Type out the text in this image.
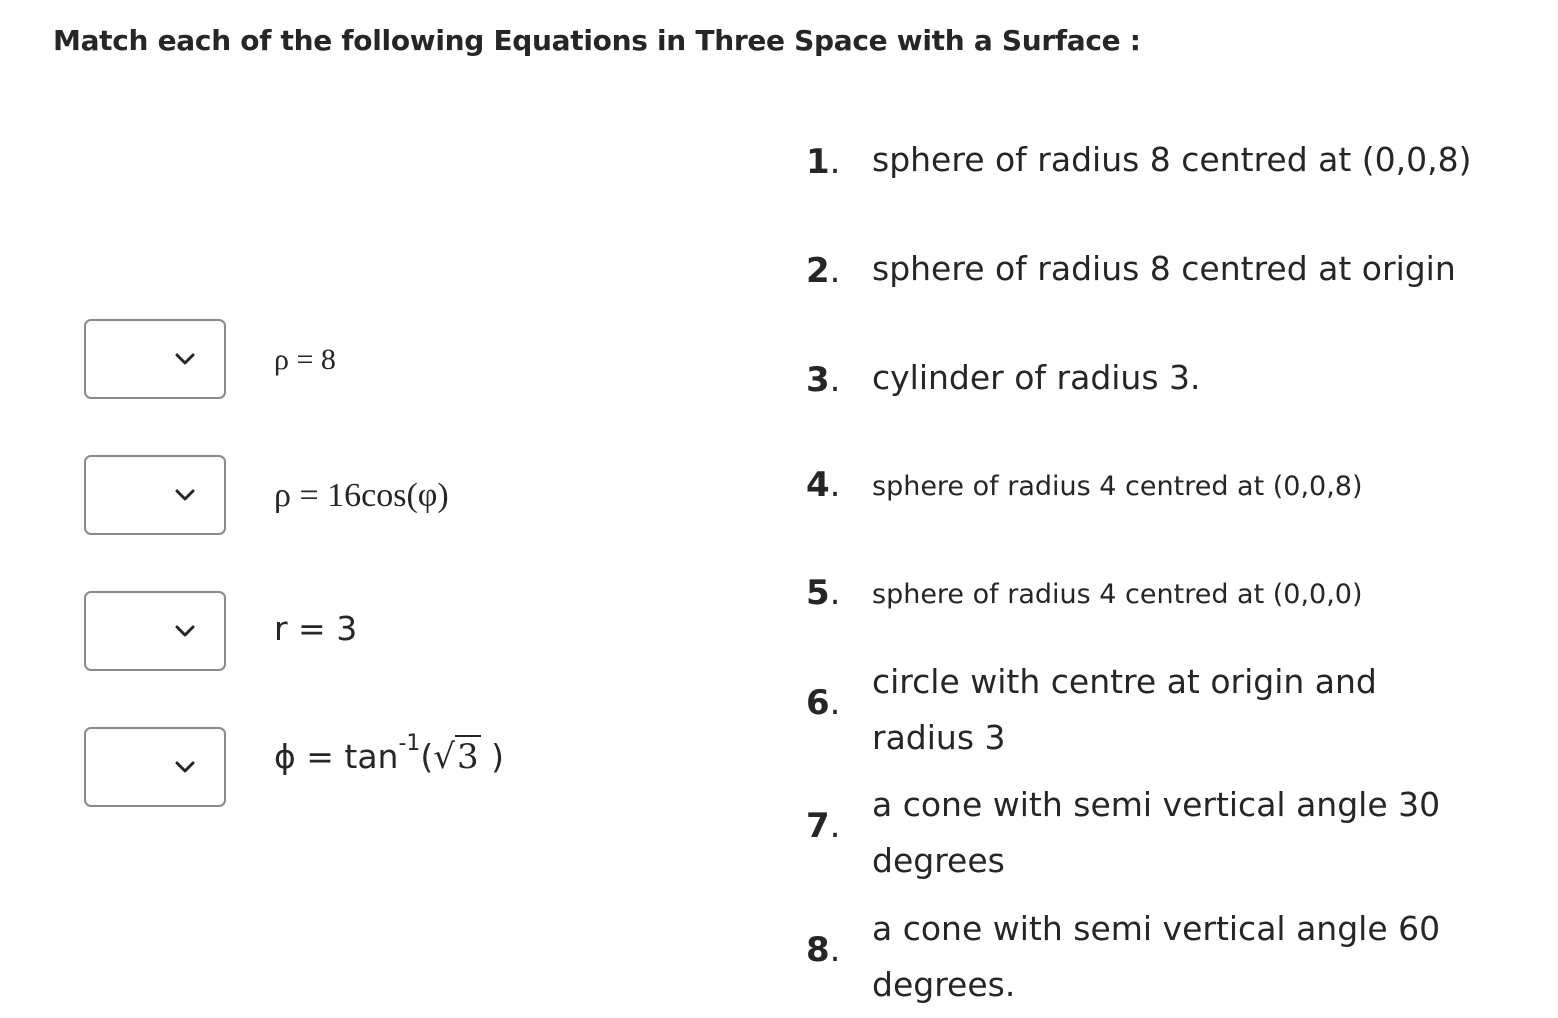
Match each of the following Equations in Three Space with a Surface :
ρ = 8
ρ = 16cos(φ)
r = 3
$\phi = \tan^{-1}(√3$ )
1. sphere of radius 8 centred at (0,0,8)
2. sphere of radius 8 centred at origin
3. cylinder of radius 3.
4. sphere of radius 4 centred at (0,0,8)
5. sphere of radius 4 centred at (0,0,0)
6.
circle with centre at origin and
radius 3
7.
a cone with semi vertical angle 30
degrees
8.
a cone with semi vertical angle 60
degrees.
